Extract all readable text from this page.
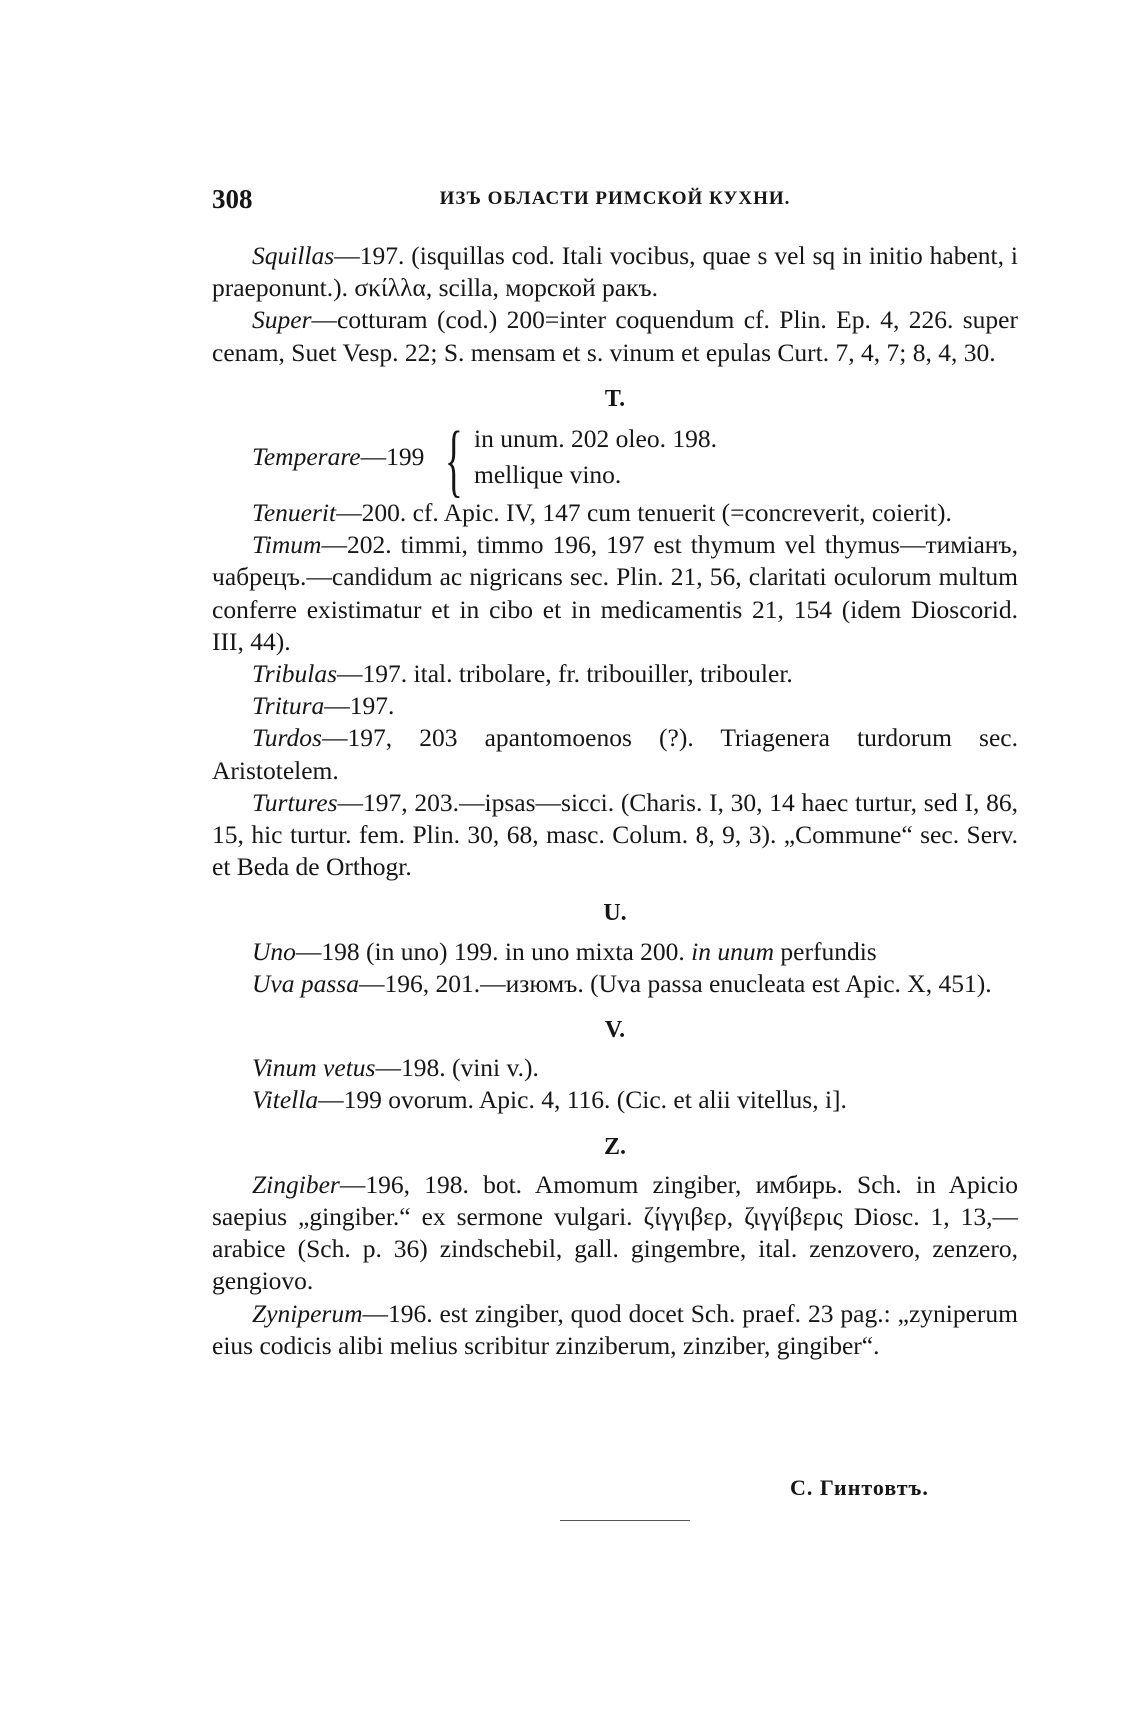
308	ИЗЪ ОБЛАСТИ РИМСКОЙ КУХНИ.

Squillas—197. (isquillas cod. Itali vocibus, quae s vel sq in initio habent, i praeponunt.). σκίλλα, scilla, морской ракъ.

Super—cotturam (cod.) 200=inter coquendum cf. Plin. Ep. 4, 226. super cenam, Suet Vesp. 22; S. mensam et s. vinum et epulas Curt. 7, 4, 7; 8, 4, 30.

T.
Temperare—199 { in unum. 202 oleo. 198.
mellique vino.

Tenuerit—200. cf. Apic. IV, 147 cum tenuerit (=concreverit, coierit).

Timum—202. timmi, timmo 196, 197 est thymum vel thymus—тиміанъ, чабрецъ.—candidum ac nigricans sec. Plin. 21, 56, claritati oculorum multum conferre existimatur et in cibo et in medicamentis 21, 154 (idem Dioscorid. III, 44).

Tribulas—197. ital. tribolare, fr. tribouiller, tribouler.

Tritura—197.

Turdos—197, 203 apantomoenos (?). Triagenera turdorum sec. Aristotelem.

Turtures—197, 203.—ipsas—sicci. (Charis. I, 30, 14 haec turtur, sed I, 86, 15, hic turtur. fem. Plin. 30, 68, masc. Colum. 8, 9, 3). „Commune“ sec. Serv. et Beda de Orthogr.

U.

Uno—198 (in uno) 199. in uno mixta 200. in unum perfundis

Uva passa—196, 201.—изюмъ. (Uva passa enucleata est Apic. X, 451).

V.

Vinum vetus—198. (vini v.).

Vitella—199 ovorum. Apic. 4, 116. (Cic. et alii vitellus, i].

Z.

Zingiber—196, 198. bot. Amomum zingiber, имбирь. Sch. in Apicio saepius „gingiber.“ ex sermone vulgari. ζίγγιβερ, ζιγγίβερις Diosc. 1, 13,—arabice (Sch. p. 36) zindschebil, gall. gingembre, ital. zenzovero, zenzero, gengiovo.

Zyniperum—196. est zingiber, quod docet Sch. praef. 23 pag.: „zyniperum eius codicis alibi melius scribitur zinziberum, zinziber, gingiber“.

С. Гинтовтъ.
